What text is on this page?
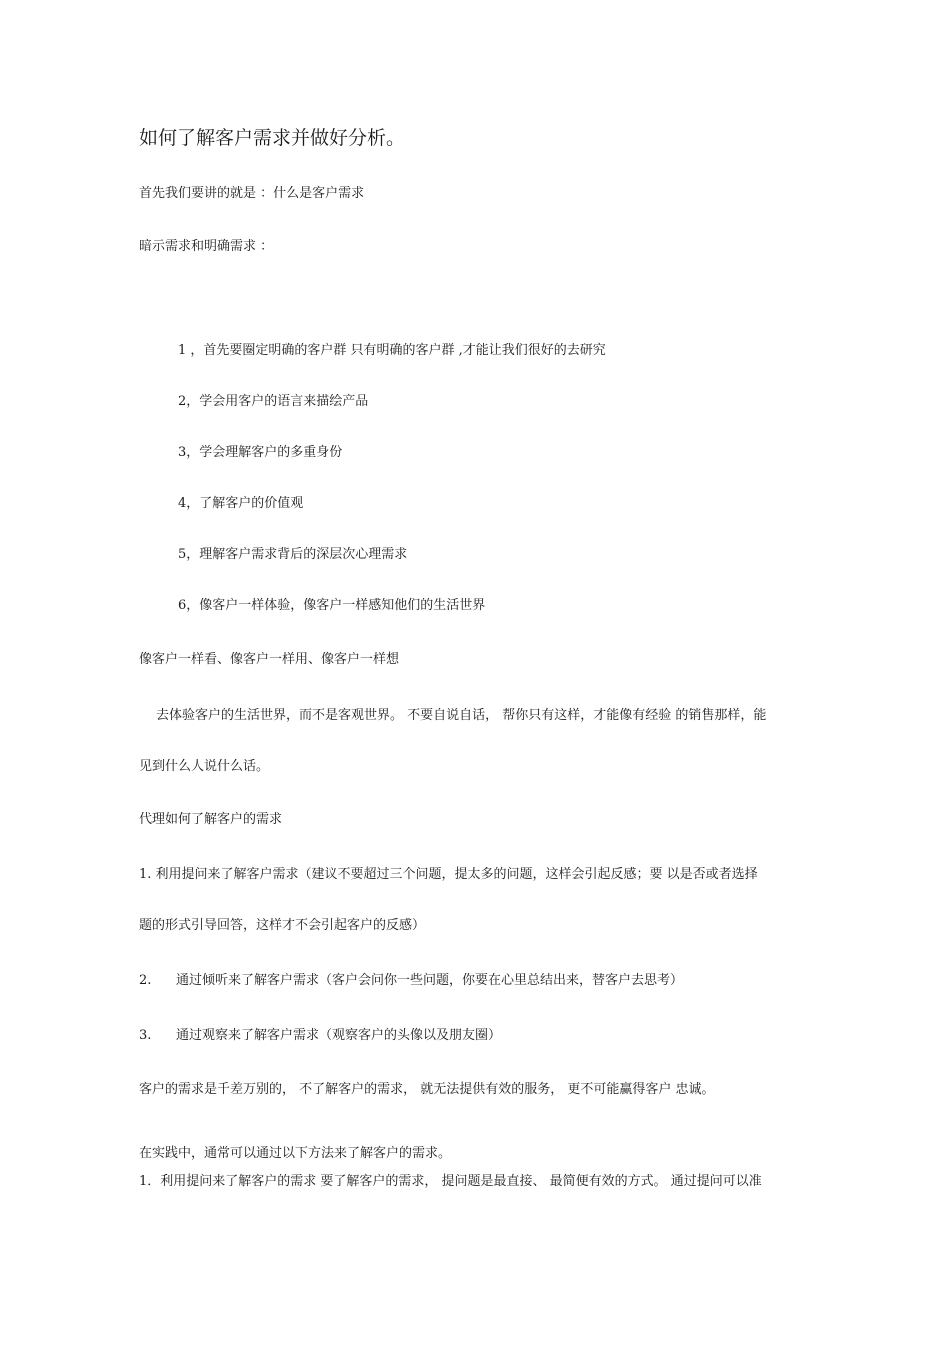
如何了解客户需求并做好分析。
首先我们要讲的就是 ：什么是客户需求
暗示需求和明确需求 ：
1 ，首先要圈定明确的客户群 只有明确的客户群 ,才能让我们很好的去研究
2，学会用客户的语言来描绘产品
3，学会理解客户的多重身份
4，了解客户的价值观
5，理解客户需求背后的深层次心理需求
6，像客户一样体验，像客户一样感知他们的生活世界
像客户一样看、像客户一样用、像客户一样想
去体验客户的生活世界，而不是客观世界。 不要自说自话， 帮你只有这样，才能像有经验 的销售那样，能
见到什么人说什么话。
代理如何了解客户的需求
1. 利用提问来了解客户需求（建议不要超过三个问题，提太多的问题，这样会引起反感；要 以是否或者选择
题的形式引导回答，这样才不会引起客户的反感）
2. 通过倾听来了解客户需求（客户会问你一些问题，你要在心里总结出来，替客户去思考）
3. 通过观察来了解客户需求（观察客户的头像以及朋友圈）
客户的需求是千差万别的， 不了解客户的需求， 就无法提供有效的服务， 更不可能赢得客户 忠诚。
在实践中，通常可以通过以下方法来了解客户的需求。
1．利用提问来了解客户的需求 要了解客户的需求， 提问题是最直接、 最简便有效的方式。 通过提问可以准
